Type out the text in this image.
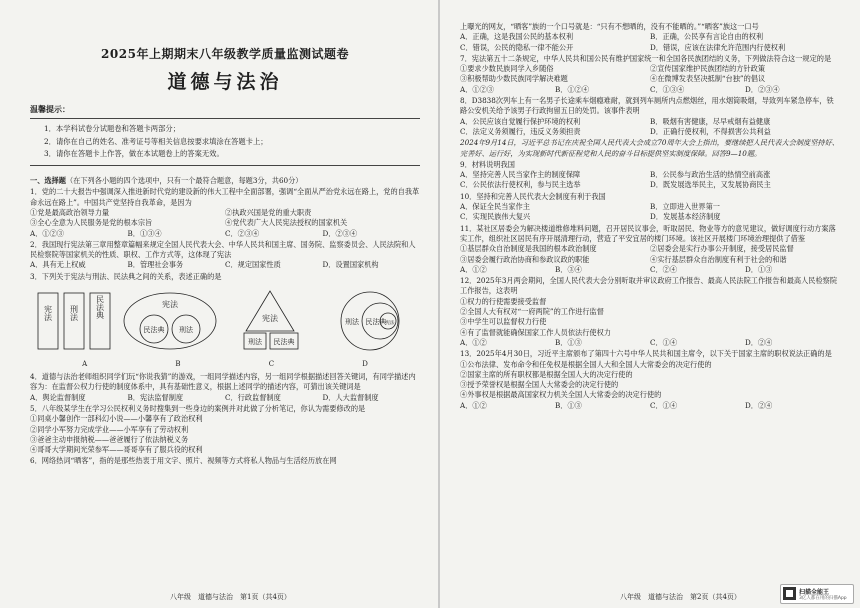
2025年上期期末八年级教学质量监测试题卷
道德与法治
温馨提示：
1．本学科试卷分试题卷和答题卡两部分；
2．请你在自己的姓名、准考证号等相关信息按要求填涂在答题卡上；
3．请你在答题卡上作答，做在本试题卷上的答案无效。

一、选择题（在下列各小题的四个选项中，只有一个最符合题意，每题3分，共60分）

1．党的二十大报告中强调深入推进新时代党的建设新的伟大工程中全面部署，强调“全面从严治党永远在路上，党的自我革命永远在路上”。中国共产党坚持自我革命，是因为

①党是最高政治领导力量	②执政兴国是党的重大职责
③全心全意为人民服务是党的根本宗旨	④党代表广大人民宪法授权的国家机关
A．①②③	B．①③④	C．②③④	D．②③④

2．我国现行宪法第三章用整章篇幅来规定全国人民代表大会、中华人民共和国主席、国务院、监察委员会、人民法院和人民检察院等国家机关的性质、职权、工作方式等，这体现了宪法

A．具有无上权威	B．管理社会事务	C．规定国家性质	D．设置国家机构

3．下列关于宪法与刑法、民法典之间的关系，表述正确的是

宪法 刑法 民法典	宪法
民法典 刑法
宪法
刑法 民法典
刑法 民法典 宪法
A	B	C	D

4．道德与法治老师组织同学们玩“你说我猜”的游戏，一组同学描述内容，另一组同学根据描述回答关键词，有同学描述内容为：在监督公权力行使的制度体系中，具有基础性意义，根据上述同学的描述内容，可猜出该关键词是

A．舆论监督制度	B．宪法监督制度	C．行政监督制度	D．人大监督制度

5．八年级某学生在学习公民权利义务时搜集到一些身边的案例并对此做了分析笔记，你认为需要修改的是

①同桌小馨创作一部科幻小说——小馨享有了政治权利

②同学小军努力完成学业——小军享有了劳动权利

③爸爸主动申报纳税——爸爸履行了依法纳税义务

④哥哥大学期间光荣参军——哥哥享有了服兵役的权利

6．网络热词“晒客”，指的是那些热衷于用文字、照片、视频等方式将私人物品与生活经历放在网

八年级　道德与法治　第1页（共4页）

上曝光的网友，“晒客”族的一个口号就是：“只有不想晒的，没有不能晒的。”“晒客”族这一口号

A．正确，这是我国公民的基本权利	B．正确，公民享有言论自由的权利
C．错误，公民的隐私一律不能公开	D．错误，应该在法律允许范围内行使权利

7．宪法第五十二条规定，中华人民共和国公民有维护国家统一和全国各民族团结的义务，下列做法符合这一规定的是

①要求少数民族同学入乡随俗	②宣传国家维护民族团结的方针政策
③积极帮助少数民族同学解决难题	④在微博发表坚决抵制“台独”的倡议
A．①②③	B．①②④	C．①③④	D．②③④

8．D3838次列车上有一名男子长途乘车烟瘾难耐，就到列车厕所内点燃烟丝，用水烟筒吸烟，导致列车紧急停车，铁路公安机关给予该男子行政拘留五日的处罚。该事件表明

A．公民应该自觉履行保护环境的权利	B．吸烟有害健康，尽早戒烟有益健康
C．法定义务须履行，违反义务须担责	D．正确行使权利，不得损害公共利益

2024年9月14日，习近平总书记在庆祝全国人民代表大会成立70周年大会上指出，要继续把人民代表大会制度坚持好、完善好、运行好，为实现新时代新征程党和人民的奋斗目标提供坚实制度保障。回答9—10题。

9．材料说明我国

A．坚持完善人民当家作主的制度保障	B．公民参与政治生活的热情空前高涨
C．公民依法行使权利，参与民主选举	D．既发展选举民主，又发展协商民主

10．坚持和完善人民代表大会制度有利于我国

A．保证全民当家作主	B．立即进入世界第一
C．实现民族伟大复兴	D．发展基本经济制度

11．某社区居委会为解决楼道维修堆料问题，召开居民议事会，听取居民、物业等方的意见建议，做好调度行动方案落实工作，组织社区居民有序开展清理行动，营造了平安宜居的楼门环境。该社区开展楼门环境治理提供了借鉴

①基层群众自治制度是我国的根本政治制度	②居委会是实行办事公开制度，接受居民监督
③居委会履行政治协商和参政议政的职能	④实行基层群众自治制度有利于社会的和谐
A．①②	B．③④	C．②④	D．①③

12．2025年3月两会期间，全国人民代表大会分别听取并审议政府工作报告、最高人民法院工作报告和最高人民检察院工作报告，这表明

①权力的行使需要接受监督

②全国人大有权对“一府两院”的工作进行监督

③中学生可以监督权力行使

④有了监督就能确保国家工作人员依法行使权力

A．①②	B．①③	C．①④	D．②④

13．2025年4月30日，习近平主席颁布了第四十六号中华人民共和国主席令，以下关于国家主席的职权说法正确的是

①公布法律、发布命令和任免权是根据全国人大和全国人大常委会的决定行使的

②国家主席的所有职权都是根据全国人大的决定行使的

③授予荣誉权是根据全国人大常委会的决定行使的

④外事权是根据最高国家权力机关全国人大常委会的决定行使的

A．①②	B．①③	C．①④	D．②④
八年级　道德与法治　第2页（共4页）
扫描全能王
3亿人都在用的扫描App
